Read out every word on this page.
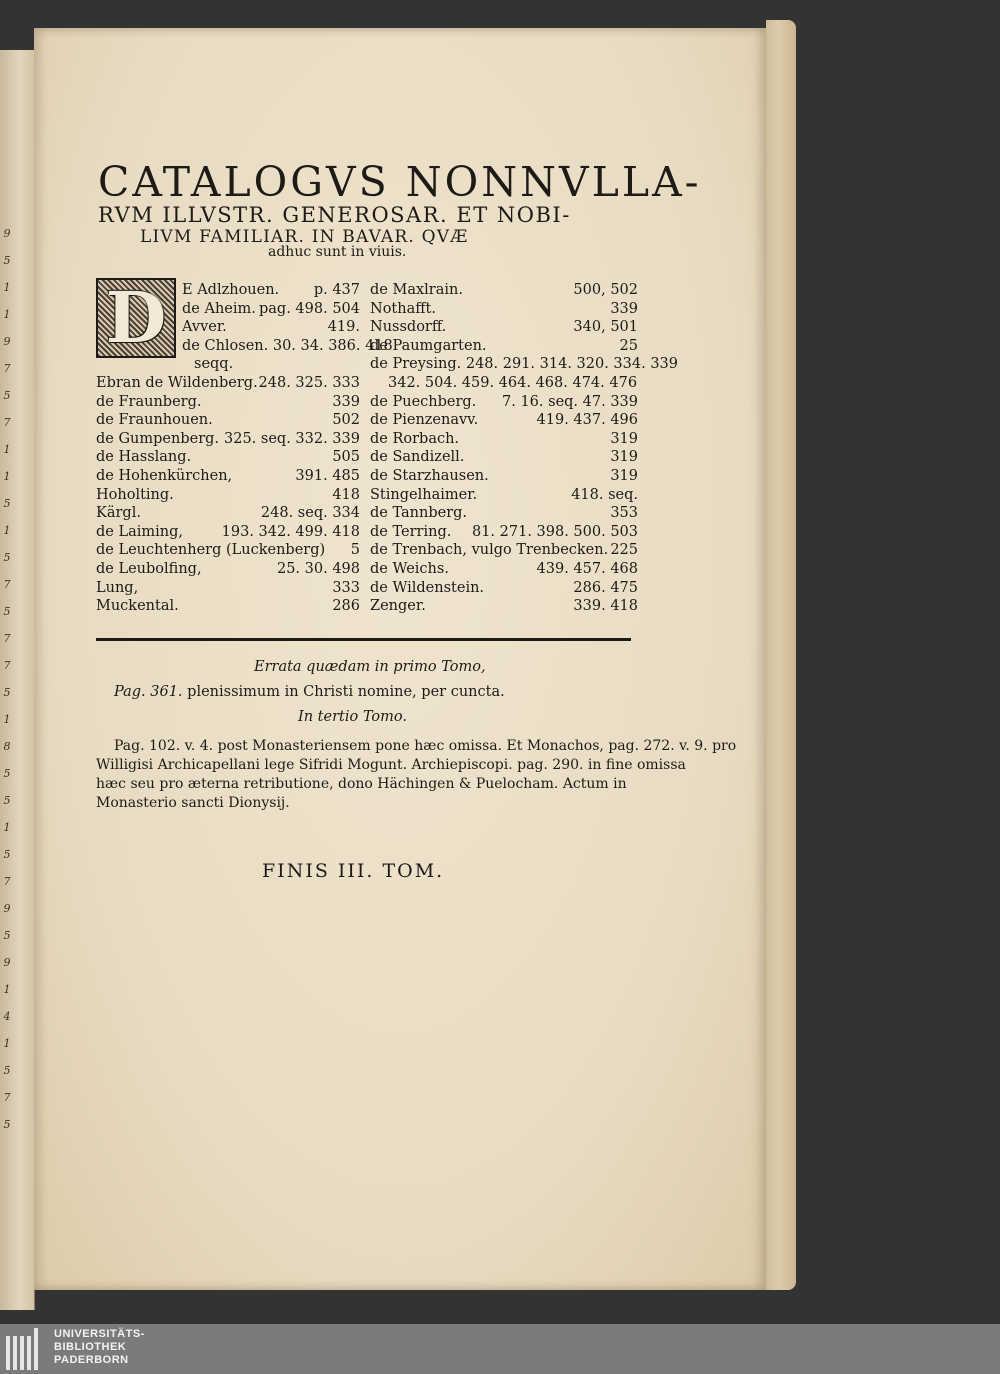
9
5
1
1
9
7
5
7
1
1
5
1
5
7
5
7
7
5
1
8
5
5
1
5
7
9
5
9
1
4
1
5
7
5
CATALOGVS NONNVLLA-
RVM ILLVSTR. GENEROSAR. ET NOBI-
LIVM FAMILIAR. IN BAVAR. QVÆ
adhuc sunt in viuis.
D E Adlzhouen. p. 437
de Aheim. pag. 498. 504
Avver.	419.
de Chlosen. 30. 34. 386. 418
seqq.
Ebran de Wildenberg. 248. 325. 333
de Fraunberg.	339
de Fraunhouen.	502
de Gumpenberg. 325. seq. 332. 339
de Hasslang.	505
de Hohenkürchen,	391. 485
Hoholting.	418
Kärgl.	248. seq. 334
de Laiming,	193. 342. 499. 418
de Leuchtenherg (Luckenberg) 5
de Leubolfing,	25. 30. 498
Lung,	333
Muckental.	286
de Maxlrain.	500, 502
Nothafft.	339
Nussdorff.	340, 501
de Paumgarten.	25
de Preysing. 248. 291. 314. 320. 334. 339
342. 504. 459. 464. 468. 474. 476
de Puechberg. 7. 16. seq. 47. 339
de Pienzenavv.	419. 437. 496
de Rorbach.	319
de Sandizell.	319
de Starzhausen.	319
Stingelhaimer.	418. seq.
de Tannberg.	353
de Terring. 81. 271. 398. 500. 503
de Trenbach, vulgo Trenbecken. 225
de Weichs.	439. 457. 468
de Wildenstein.	286. 475
Zenger.	339. 418
Errata quædam in primo Tomo,
Pag. 361. plenissimum in Christi nomine, per cuncta.
In tertio Tomo.
Pag. 102. v. 4. post Monasteriensem pone hæc omissa. Et Monachos, pag. 272. v. 9. pro
Willigisi Archicapellani lege Sifridi Mogunt. Archiepiscopi. pag. 290. in fine omissa
hæc seu pro æterna retributione, dono Hächingen & Puelocham. Actum in
Monasterio sancti Dionysij.
FINIS III. TOM.
UNIVERSITÄTS-
BIBLIOTHEK
PADERBORN
